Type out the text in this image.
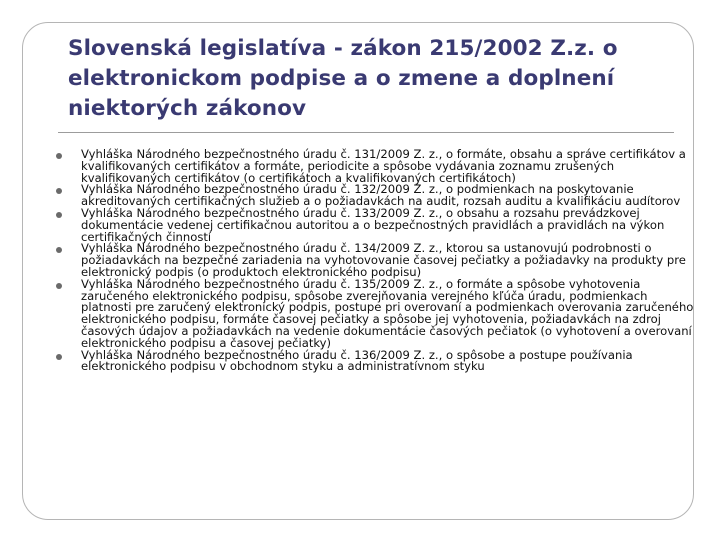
Slovenská legislatíva - zákon 215/2002 Z.z. o elektronickom podpise a o zmene a doplnení niektorých zákonov
Vyhláška Národného bezpečnostného úradu č. 131/2009 Z. z., o formáte, obsahu a správe certifikátov a kvalifikovaných certifikátov a formáte, periodicite a spôsobe vydávania zoznamu zrušených kvalifikovaných certifikátov (o certifikátoch a kvalifikovaných certifikátoch)
Vyhláška Národného bezpečnostného úradu č. 132/2009 Z. z., o podmienkach na poskytovanie akreditovaných certifikačných služieb a o požiadavkách na audit, rozsah auditu a kvalifikáciu audítorov
Vyhláška Národného bezpečnostného úradu č. 133/2009 Z. z., o obsahu a rozsahu prevádzkovej dokumentácie vedenej certifikačnou autoritou a o bezpečnostných pravidlách a pravidlách na výkon certifikačných činností
Vyhláška Národného bezpečnostného úradu č. 134/2009 Z. z., ktorou sa ustanovujú podrobnosti o požiadavkách na bezpečné zariadenia na vyhotovovanie časovej pečiatky a požiadavky na produkty pre elektronický podpis (o produktoch elektronického podpisu)
Vyhláška Národného bezpečnostného úradu č. 135/2009 Z. z., o formáte a spôsobe vyhotovenia zaručeného elektronického podpisu, spôsobe zverejňovania verejného kľúča úradu, podmienkach platnosti pre zaručený elektronický podpis, postupe pri overovaní a podmienkach overovania zaručeného elektronického podpisu, formáte časovej pečiatky a spôsobe jej vyhotovenia, požiadavkách na zdroj časových údajov a požiadavkách na vedenie dokumentácie časových pečiatok (o vyhotovení a overovaní elektronického podpisu a časovej pečiatky)
Vyhláška Národného bezpečnostného úradu č. 136/2009 Z. z., o spôsobe a postupe používania elektronického podpisu v obchodnom styku a administratívnom styku
